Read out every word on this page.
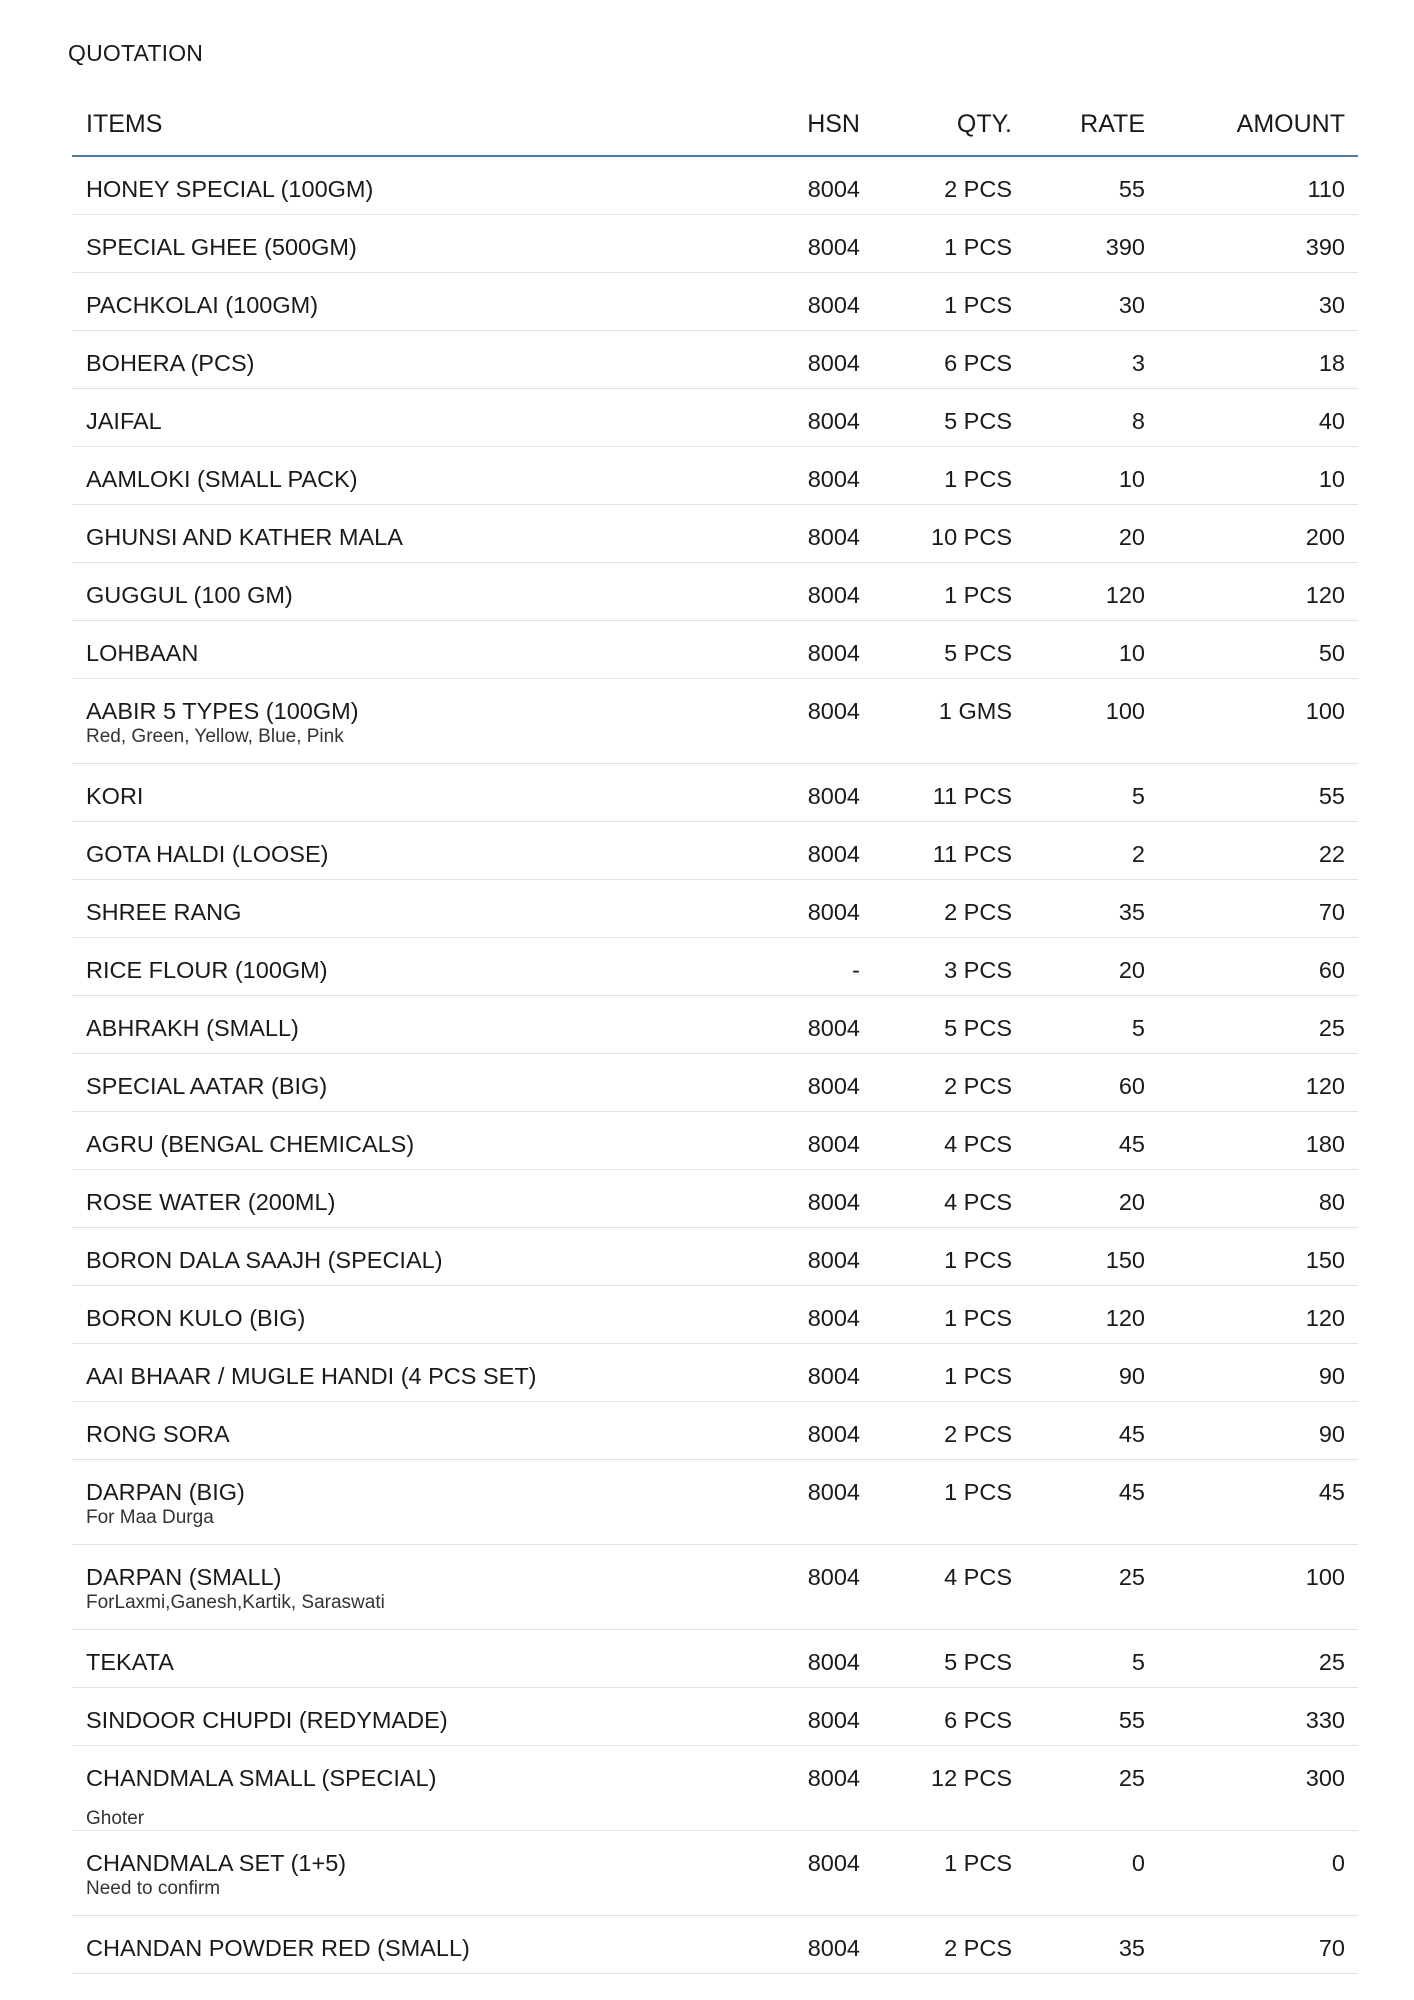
QUOTATION
ITEMS	HSN	QTY.	RATE	AMOUNT
HONEY SPECIAL (100GM)	8004	2 PCS	55	110
SPECIAL GHEE (500GM)	8004	1 PCS	390	390
PACHKOLAI (100GM)	8004	1 PCS	30	30
BOHERA (PCS)	8004	6 PCS	3	18
JAIFAL	8004	5 PCS	8	40
AAMLOKI (SMALL PACK)	8004	1 PCS	10	10
GHUNSI AND KATHER MALA	8004	10 PCS	20	200
GUGGUL (100 GM)	8004	1 PCS	120	120
LOHBAAN	8004	5 PCS	10	50
AABIR 5 TYPES (100GM)	8004	1 GMS	100	100
Red, Green, Yellow, Blue, Pink
KORI	8004	11 PCS	5	55
GOTA HALDI (LOOSE)	8004	11 PCS	2	22
SHREE RANG	8004	2 PCS	35	70
RICE FLOUR (100GM)	-	3 PCS	20	60
ABHRAKH (SMALL)	8004	5 PCS	5	25
SPECIAL AATAR (BIG)	8004	2 PCS	60	120
AGRU (BENGAL CHEMICALS)	8004	4 PCS	45	180
ROSE WATER (200ML)	8004	4 PCS	20	80
BORON DALA SAAJH (SPECIAL)	8004	1 PCS	150	150
BORON KULO (BIG)	8004	1 PCS	120	120
AAI BHAAR / MUGLE HANDI (4 PCS SET)	8004	1 PCS	90	90
RONG SORA	8004	2 PCS	45	90
DARPAN (BIG)	8004	1 PCS	45	45
For Maa Durga
DARPAN (SMALL)	8004	4 PCS	25	100
ForLaxmi,Ganesh,Kartik, Saraswati
TEKATA	8004	5 PCS	5	25
SINDOOR CHUPDI (REDYMADE)	8004	6 PCS	55	330
CHANDMALA SMALL (SPECIAL)	8004	12 PCS	25	300
Ghoter
CHANDMALA SET (1+5)	8004	1 PCS	0	0
Need to confirm
CHANDAN POWDER RED (SMALL)	8004	2 PCS	35	70
